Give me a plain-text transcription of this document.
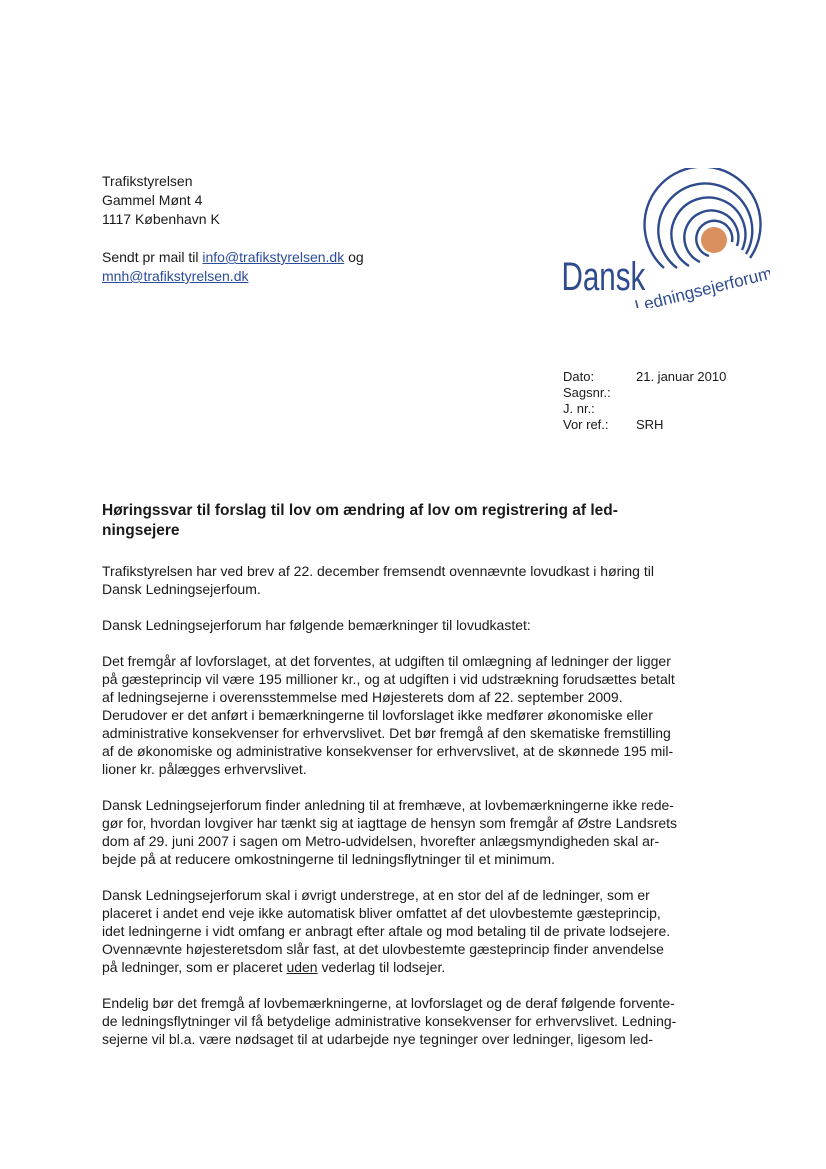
Trafikstyrelsen
Gammel Mønt 4
1117 København K
Sendt pr mail til info@trafikstyrelsen.dk og
mnh@trafikstyrelsen.dk	Dansk
Ledningsejerforum
Dato:	21. januar 2010
Sagsnr.:
J. nr.:
Vor ref.:	SRH
Høringssvar til forslag til lov om ændring af lov om registrering af led-
ningsejere

Trafikstyrelsen har ved brev af 22. december fremsendt ovennævnte lovudkast i høring til
Dansk Ledningsejerfoum.

Dansk Ledningsejerforum har følgende bemærkninger til lovudkastet:

Det fremgår af lovforslaget, at det forventes, at udgiften til omlægning af ledninger der ligger
på gæsteprincip vil være 195 millioner kr., og at udgiften i vid udstrækning forudsættes betalt
af ledningsejerne i overensstemmelse med Højesterets dom af 22. september 2009.
Derudover er det anført i bemærkningerne til lovforslaget ikke medfører økonomiske eller
administrative konsekvenser for erhvervslivet. Det bør fremgå af den skematiske fremstilling
af de økonomiske og administrative konsekvenser for erhvervslivet, at de skønnede 195 mil-
lioner kr. pålægges erhvervslivet.

Dansk Ledningsejerforum finder anledning til at fremhæve, at lovbemærkningerne ikke rede-
gør for, hvordan lovgiver har tænkt sig at iagttage de hensyn som fremgår af Østre Landsrets
dom af 29. juni 2007 i sagen om Metro-udvidelsen, hvorefter anlægsmyndigheden skal ar-
bejde på at reducere omkostningerne til ledningsflytninger til et minimum.

Dansk Ledningsejerforum skal i øvrigt understrege, at en stor del af de ledninger, som er
placeret i andet end veje ikke automatisk bliver omfattet af det ulovbestemte gæsteprincip,
idet ledningerne i vidt omfang er anbragt efter aftale og mod betaling til de private lodsejere.
Ovennævnte højesteretsdom slår fast, at det ulovbestemte gæsteprincip finder anvendelse
på ledninger, som er placeret uden vederlag til lodsejer.

Endelig bør det fremgå af lovbemærkningerne, at lovforslaget og de deraf følgende forvente-
de ledningsflytninger vil få betydelige administrative konsekvenser for erhvervslivet. Ledning-
sejerne vil bl.a. være nødsaget til at udarbejde nye tegninger over ledninger, ligesom led-
